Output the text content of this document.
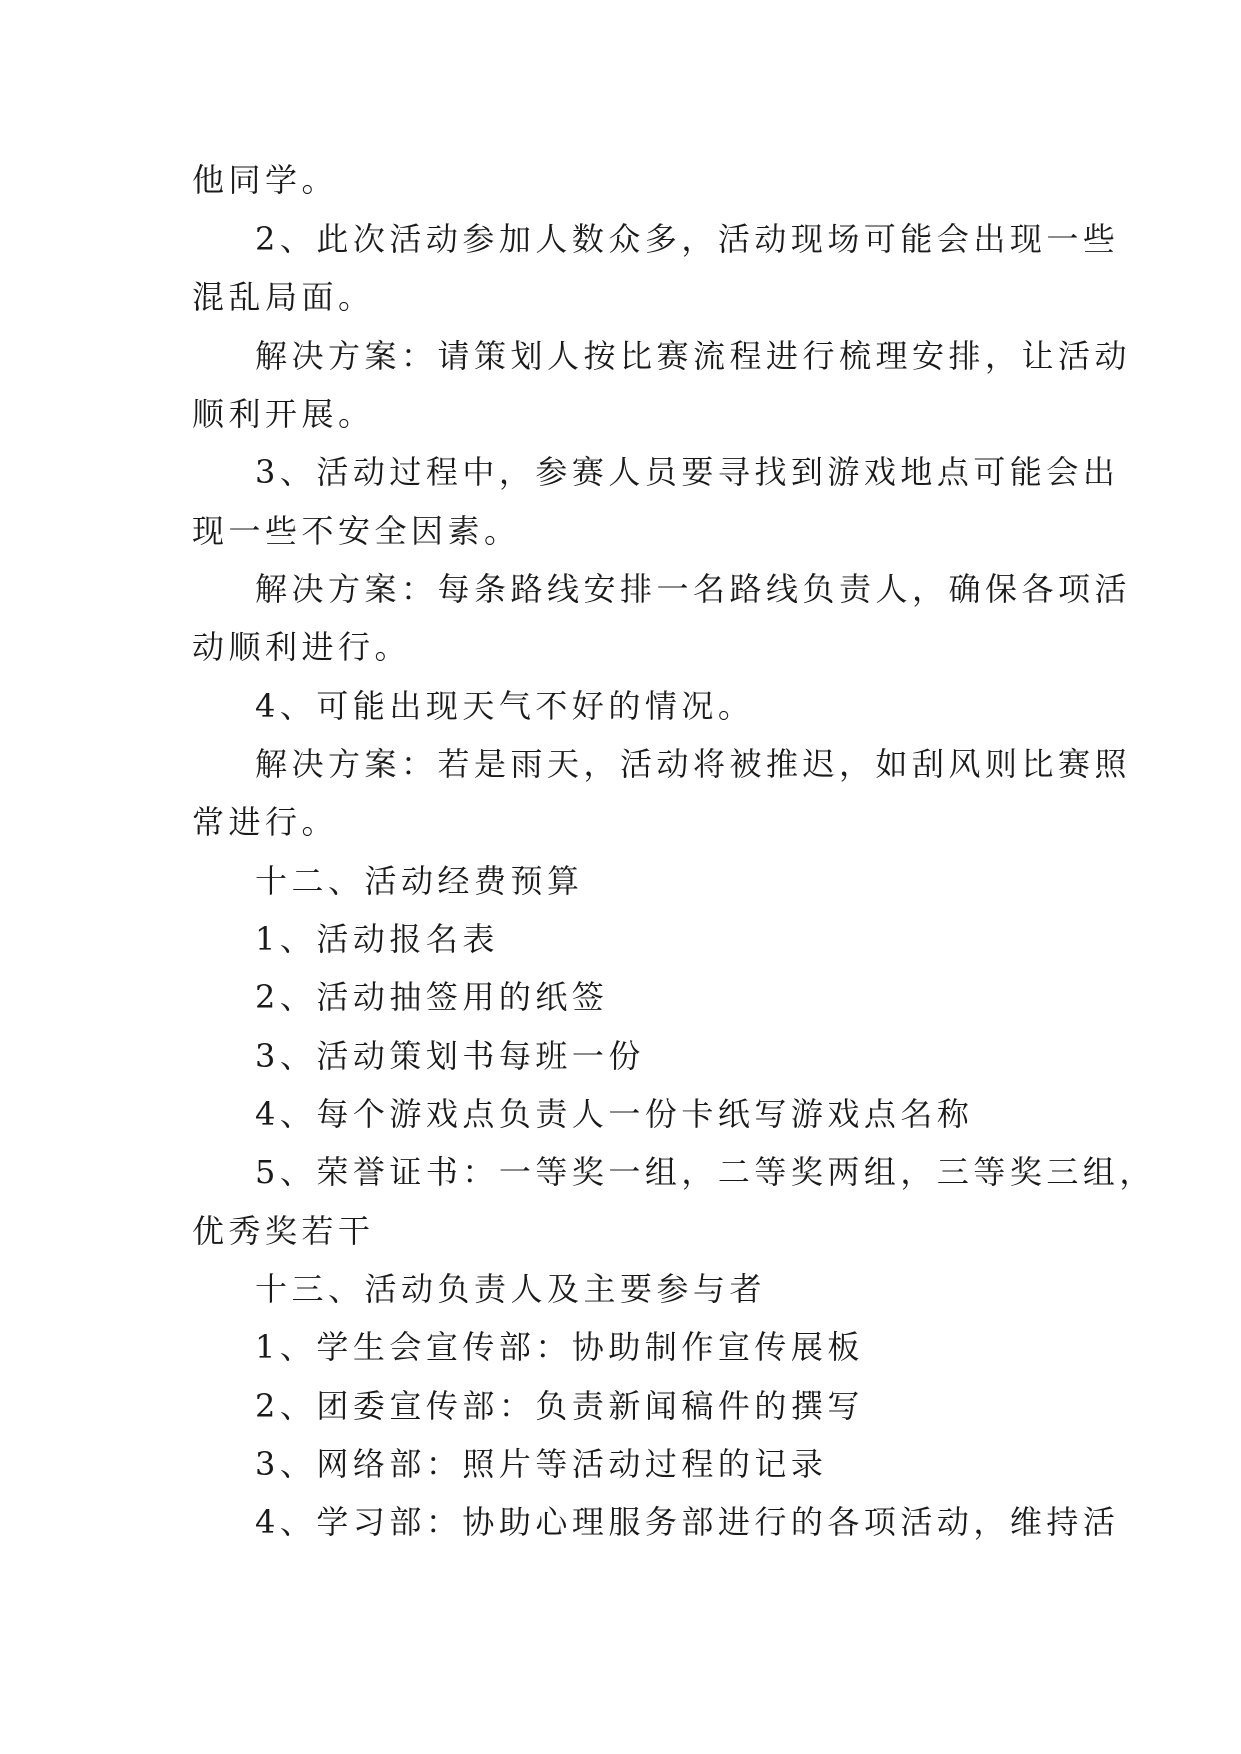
他同学。
2、此次活动参加人数众多，活动现场可能会出现一些
混乱局面。
解决方案：请策划人按比赛流程进行梳理安排，让活动
顺利开展。
3、活动过程中，参赛人员要寻找到游戏地点可能会出
现一些不安全因素。
解决方案：每条路线安排一名路线负责人，确保各项活
动顺利进行。
4、可能出现天气不好的情况。
解决方案：若是雨天，活动将被推迟，如刮风则比赛照
常进行。
十二、活动经费预算
1、活动报名表
2、活动抽签用的纸签
3、活动策划书每班一份
4、每个游戏点负责人一份卡纸写游戏点名称
5、荣誉证书：一等奖一组，二等奖两组，三等奖三组，
优秀奖若干
十三、活动负责人及主要参与者
1、学生会宣传部：协助制作宣传展板
2、团委宣传部：负责新闻稿件的撰写
3、网络部：照片等活动过程的记录
4、学习部：协助心理服务部进行的各项活动，维持活
